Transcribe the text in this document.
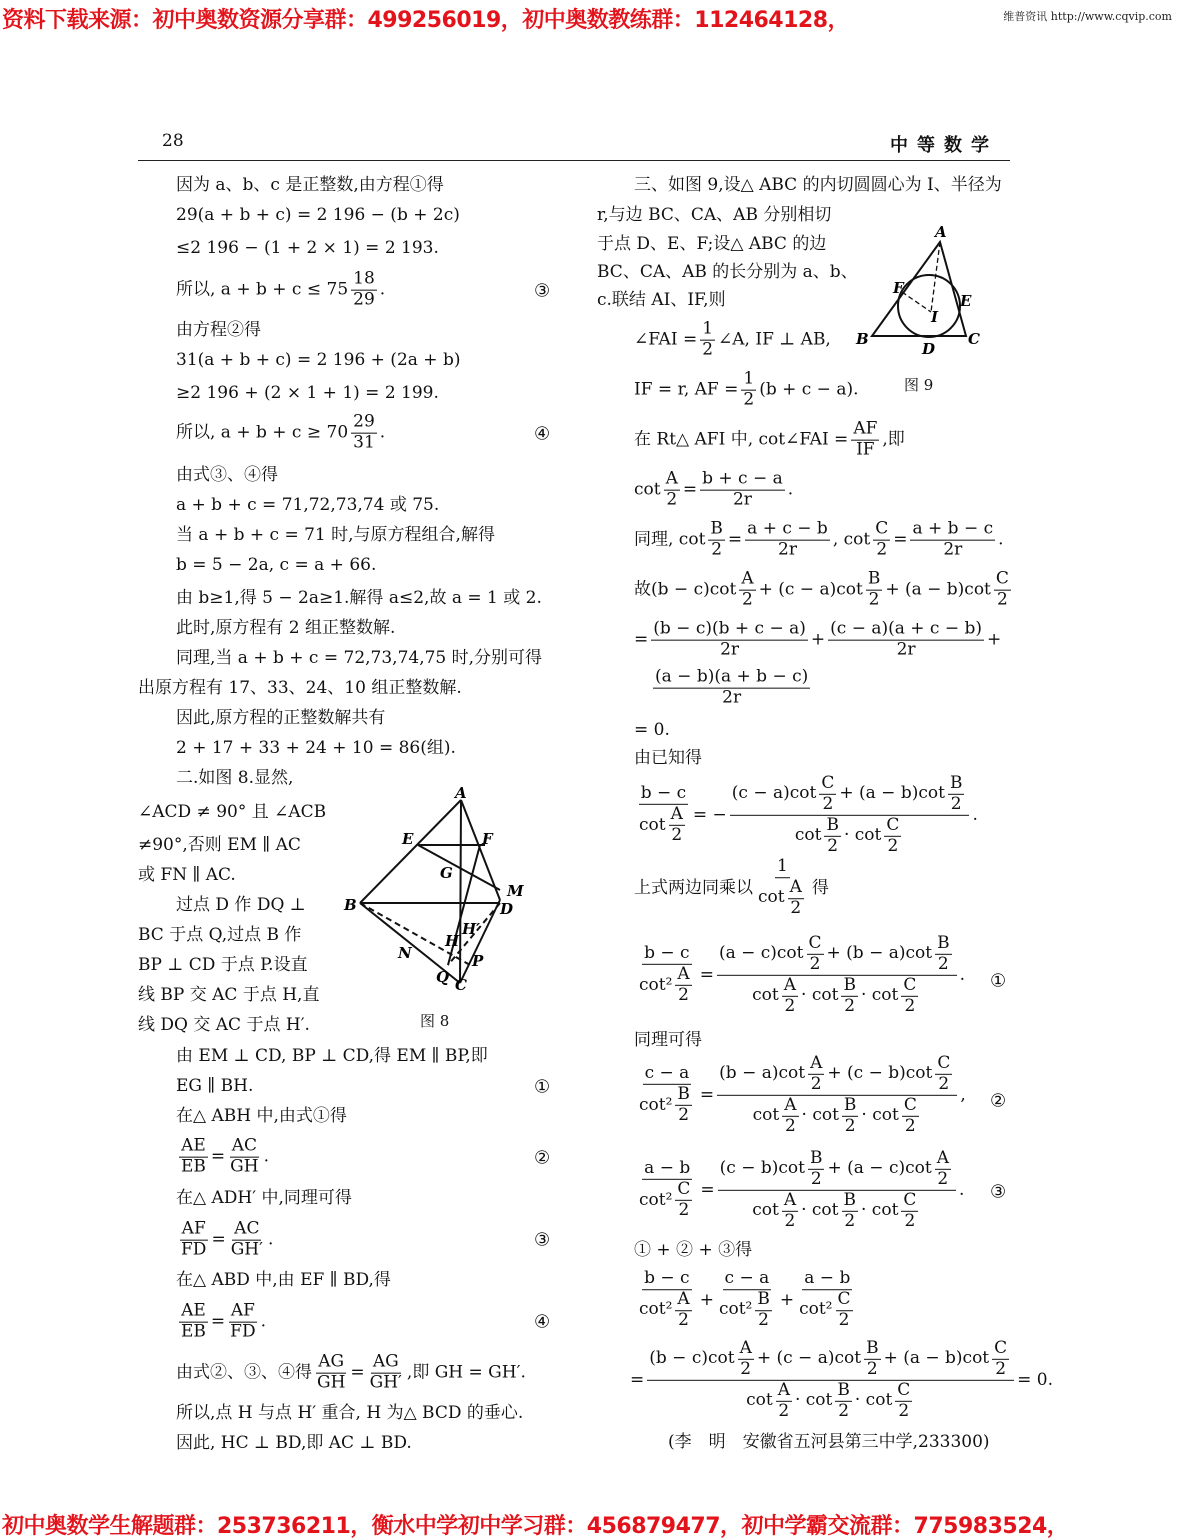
资料下载来源：初中奥数资源分享群：499256019，初中奥数教练群：112464128，	维普资讯 http://www.cqvip.com
28	中等数学
因为 a、b、c 是正整数,由方程①得
29(a + b + c) = 2 196 − (b + 2c)
≤2 196 − (1 + 2 × 1) = 2 193.
所以, $a + b + c \le 75 \frac{18}{29}$ .
由方程②得
31(a + b + c) = 2 196 + (2a + b)
≥2 196 + (2 × 1 + 1) = 2 199.
所以, $a + b + c \ge 70 \frac{29}{31}$ .
由式③、④得
a + b + c = 71,72,73,74 或 75.
当 a + b + c = 71 时,与原方程组合,解得
b = 5 − 2a, c = a + 66.
由 b≥1,得 5 − 2a≥1.解得 a≤2,故 a = 1 或 2.
此时,原方程有 2 组正整数解.
同理,当 a + b + c = 72,73,74,75 时,分别可得
出原方程有 17、33、24、10 组正整数解.
因此,原方程的正整数解共有
2 + 17 + 33 + 24 + 10 = 86(组).
二.如图 8.显然,
∠ACD ≠ 90° 且 ∠ACB
≠90°,否则 EM ∥ AC
或 FN ∥ AC.
过点 D 作 DQ ⊥
BC 于点 Q,过点 B 作
BP ⊥ CD 于点 P.设直
线 BP 交 AC 于点 H,直
线 DQ 交 AC 于点 H′.
由 EM ⊥ CD, BP ⊥ CD,得 EM ∥ BP,即
EG ∥ BH.
在△ ABH 中,由式①得
$\frac{AE}{EB} = \frac{AC}{GH}$ .
在△ ADH′ 中,同理可得
$\frac{AF}{FD} = \frac{AC}{GH'}$ .
在△ ABD 中,由 EF ∥ BD,得
$\frac{AE}{EB} = \frac{AF}{FD}$ .
由式②、③、④得 $\frac{AG}{GH} = \frac{AG}{GH'}$ ,即 GH = GH′.
所以,点 H 与点 H′ 重合, H 为△ BCD 的垂心.
因此, HC ⊥ BD,即 AC ⊥ BD.
三、如图 9,设△ ABC 的内切圆圆心为 I、半径为
r,与边 BC、CA、AB 分别相切
于点 D、E、F;设△ ABC 的边
BC、CA、AB 的长分别为 a、b、
c.联结 AI、IF,则
∠FAI = $\frac{1}{2}$ ∠A, IF ⊥ AB,
IF = r, AF = $\frac{1}{2} (b + c - a)$.
在 Rt△ AFI 中, cot∠FAI = $\frac{AF}{IF}$ ,即
$\cot \frac{A}{2} = \frac{b + c - a}{2r}$ .
同理, $\cot \frac{B}{2} = \frac{a + c - b}{2r}$ , $\cot \frac{C}{2} = \frac{a + b - c}{2r}$ .
故$(b - c)\cot \frac{A}{2} + (c - a)\cot \frac{B}{2} + (a - b)\cot \frac{C}{2}$
= $\frac{(b - c)(b + c - a)}{2r} + \frac{(c - a)(a + c - b)}{2r}$ +
$\frac{(a - b)(a + b - c)}{2r}$
= 0.
由已知得
$\frac{b - c}{\cot \frac{A}{2}}$ = − $\frac{(c - a)\cot \frac{C}{2} + (a - b)\cot \frac{B}{2}}{\cot \frac{B}{2} \cdot \cot \frac{C}{2}}$ .
上式两边同乘以 $\frac{1}{\cot \frac{A}{2}}$ 得
$\frac{b - c}{\cot^2 \frac{A}{2}} = \frac{(a - c)\cot \frac{C}{2} + (b - a)\cot \frac{B}{2}}{\cot \frac{A}{2} \cdot \cot \frac{B}{2} \cdot \cot \frac{C}{2}}$ .
同理可得
$\frac{c - a}{\cot^2 \frac{B}{2}} = \frac{(b - a)\cot \frac{A}{2} + (c - b)\cot \frac{C}{2}}{\cot \frac{A}{2} \cdot \cot \frac{B}{2} \cdot \cot \frac{C}{2}}$ ,
$\frac{a - b}{\cot^2 \frac{C}{2}} = \frac{(c - b)\cot \frac{B}{2} + (a - c)\cot \frac{A}{2}}{\cot \frac{A}{2} \cdot \cot \frac{B}{2} \cdot \cot \frac{C}{2}}$ .
① + ② + ③得
$\frac{b - c}{\cot^2 \frac{A}{2}} + \frac{c - a}{\cot^2 \frac{B}{2}} + \frac{a - b}{\cot^2 \frac{C}{2}}$
= $\frac{(b - c)\cot \frac{A}{2} + (c - a)\cot \frac{B}{2} + (a - b)\cot \frac{C}{2}}{\cot \frac{A}{2} \cdot \cot \frac{B}{2} \cdot \cot \frac{C}{2}} = 0$.
(李　明　安徽省五河县第三中学,233300)
③
④
①
②
③
④
①
②
③
A
E	F
G
M
B	D
H′
H
N	P
Q C
A
F
E
I
B	C
D
图 8
图 9
初中奥数学生解题群：253736211，衡水中学初中学习群：456879477，初中学霸交流群：775983524，
